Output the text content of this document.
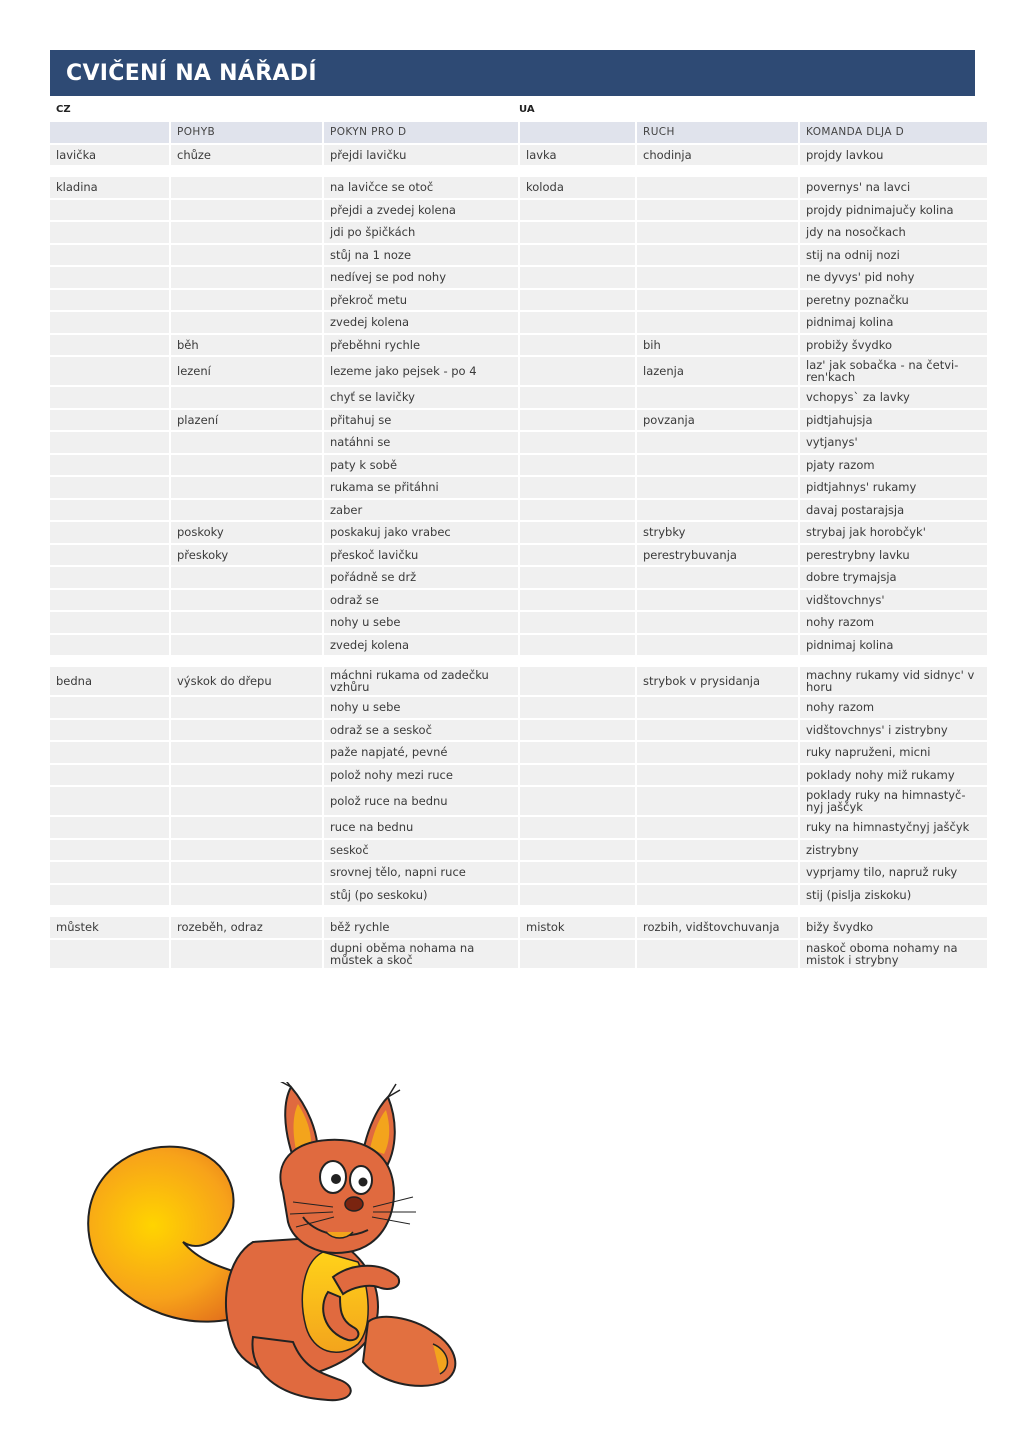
CVIČENÍ NA NÁŘADÍ
CZ	UA
	POHYB	POKYN PRO D		RUCH	KOMANDA DLJA D
lavička	chůze	přejdi lavičku	lavka	chodinja	projdy lavkou

kladina		na lavičce se otoč	koloda		povernys' na lavci
		přejdi a zvedej kolena			projdy pidnimajučy kolina
		jdi po špičkách			jdy na nosočkach
		stůj na 1 noze			stij na odnij nozi
		nedívej se pod nohy			ne dyvys' pid nohy
		překroč metu			peretny poznačku
		zvedej kolena			pidnimaj kolina
	běh	přeběhni rychle		bih	probižy švydko
	lezení	lezeme jako pejsek - po 4		lazenja	laz' jak sobačka - na četvi-ren'kach
		chyť se lavičky			vchopys` za lavky
	plazení	přitahuj se		povzanja	pidtjahujsja
		natáhni se			vytjanys'
		paty k sobě			pjaty razom
		rukama se přitáhni			pidtjahnys' rukamy
		zaber			davaj postarajsja
	poskoky	poskakuj jako vrabec		strybky	strybaj jak horobčyk'
	přeskoky	přeskoč lavičku		perestrybuvanja	perestrybny lavku
		pořádně se drž			dobre trymajsja
		odraž se			vidštovchnys'
		nohy u sebe			nohy razom
		zvedej kolena			pidnimaj kolina

bedna	výskok do dřepu	máchni rukama od zadečku vzhůru		strybok v prysidanja	machny rukamy vid sidnyc' v horu
		nohy u sebe			nohy razom
		odraž se a seskoč			vidštovchnys' i zistrybny
		paže napjaté, pevné			ruky napruženi, micni
		polož nohy mezi ruce			poklady nohy miž rukamy
		polož ruce na bednu			poklady ruky na himnastyč-nyj jaščyk
		ruce na bednu			ruky na himnastyčnyj jaščyk
		seskoč			zistrybny
		srovnej tělo, napni ruce			vyprjamy tilo, napruž ruky
		stůj (po seskoku)			stij (pislja ziskoku)

můstek	rozeběh, odraz	běž rychle	mistok	rozbih, vidštovchuvanja	bižy švydko
		dupni oběma nohama na můstek a skoč			naskoč oboma nohamy na mistok i strybny
